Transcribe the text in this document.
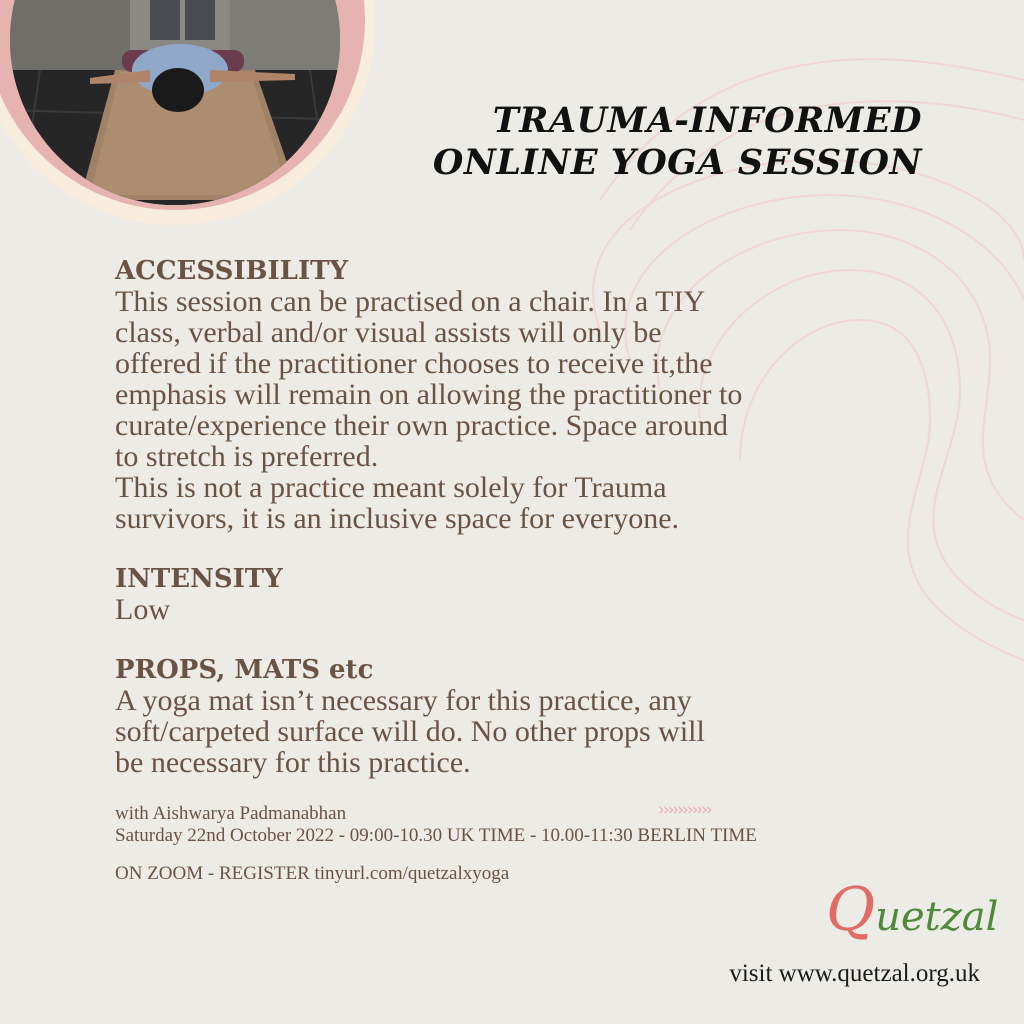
TRAUMA-INFORMED
ONLINE YOGA SESSION

ACCESSIBILITY

This session can be practised on a chair. In a TIY

class, verbal and/or visual assists will only be

offered if the practitioner chooses to receive it,the

emphasis will remain on allowing the practitioner to

curate/experience their own practice. Space around

to stretch is preferred.

This is not a practice meant solely for Trauma

survivors, it is an inclusive space for everyone.

INTENSITY

Low

PROPS, MATS etc

A yoga mat isn’t necessary for this practice, any

soft/carpeted surface will do. No other props will

be necessary for this practice.

›››››››››››

with Aishwarya Padmanabhan

Saturday 22nd October 2022 - 09:00-10.30 UK TIME - 10.00-11:30 BERLIN TIME

ON ZOOM - REGISTER tinyurl.com/quetzalxyoga
Quetzal
visit www.quetzal.org.uk
